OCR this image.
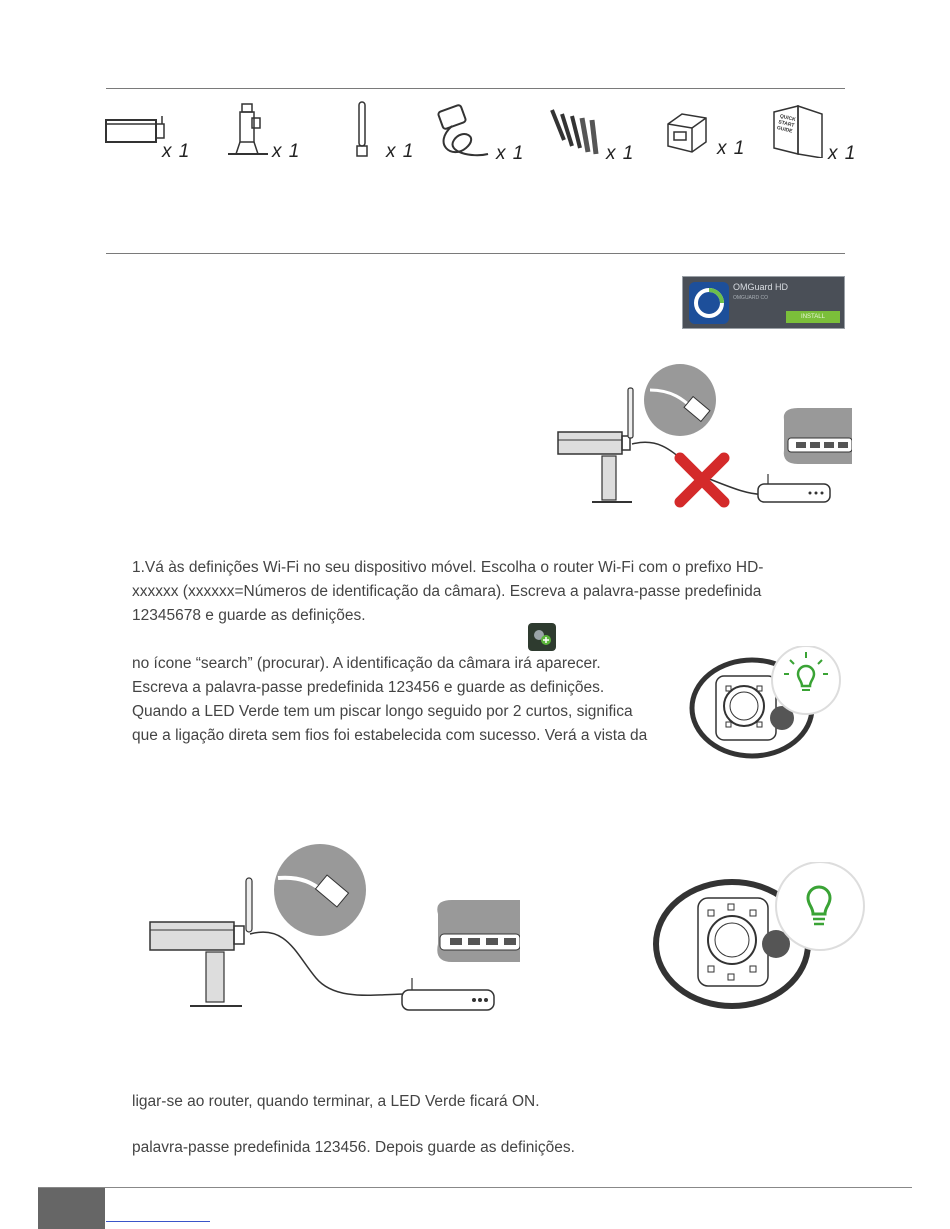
x 1	x 1	x 1	x 1	x 1	x 1
QUICK START GUIDE
x 1
OMGuard HD
OMGUARD CO
INSTALL
1.Vá às definições Wi-Fi no seu dispositivo móvel. Escolha o router Wi-Fi com o prefixo HD-
xxxxxx (xxxxxx=Números de identificação da câmara). Escreva a palavra-passe predefinida
12345678 e guarde as definições.
no ícone “search” (procurar). A identificação da câmara irá aparecer.
Escreva a palavra-passe predefinida 123456 e guarde as definições.
Quando a LED Verde tem um piscar longo seguido por 2 curtos, significa
que a ligação direta sem fios foi estabelecida com sucesso. Verá a vista da
ligar-se ao router, quando terminar, a LED Verde ficará ON.
palavra-passe predefinida 123456. Depois guarde as definições.
